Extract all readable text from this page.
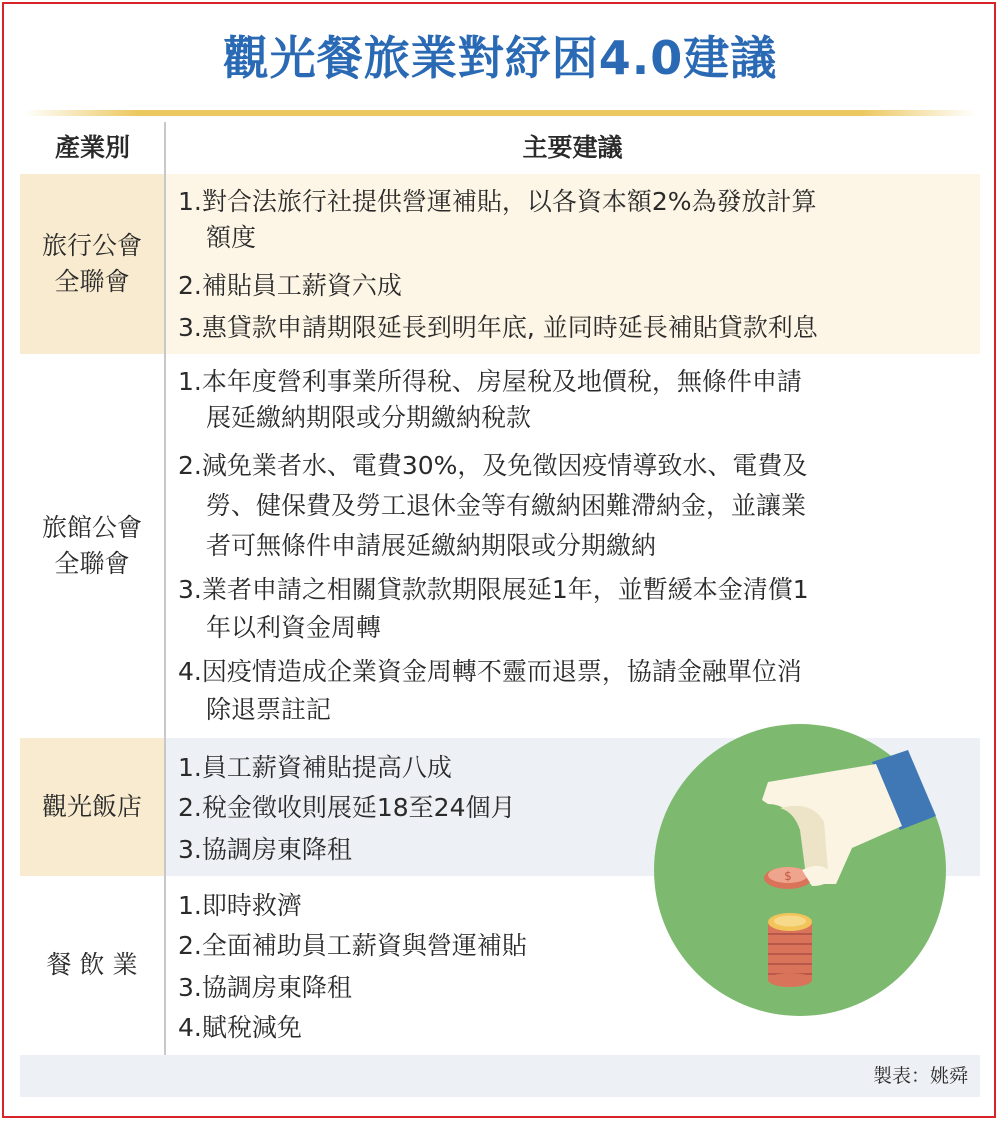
觀光餐旅業對紓困4.0建議
產業別	主要建議
旅行公會
全聯會
1.對合法旅行社提供營運補貼，以各資本額2%為發放計算
額度
2.補貼員工薪資六成
3.惠貸款申請期限延長到明年底, 並同時延長補貼貸款利息
旅館公會
全聯會
1.本年度營利事業所得稅、房屋稅及地價稅，無條件申請
展延繳納期限或分期繳納稅款
2.減免業者水、電費30%，及免徵因疫情導致水、電費及
勞、健保費及勞工退休金等有繳納困難滯納金，並讓業
者可無條件申請展延繳納期限或分期繳納
3.業者申請之相關貸款款期限展延1年，並暫緩本金清償1
年以利資金周轉
4.因疫情造成企業資金周轉不靈而退票，協請金融單位消
除退票註記
觀光飯店
1.員工薪資補貼提高八成
2.稅金徵收則展延18至24個月
3.協調房東降租
餐飲業
1.即時救濟
2.全面補助員工薪資與營運補貼
3.協調房東降租
4.賦稅減免
$
製表：姚舜
